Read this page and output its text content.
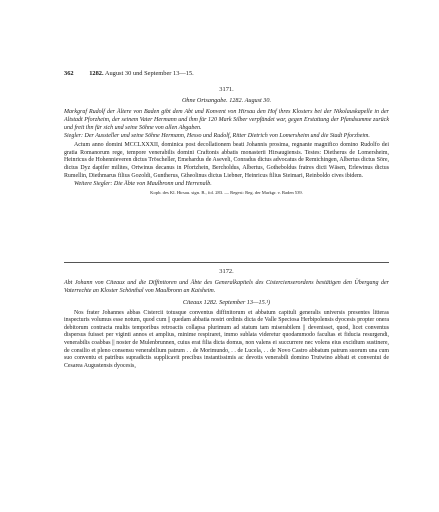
362 1282. August 30 und September 13—15.
3171.
Ohne Ortsangabe. 1282. August 30.
Markgraf Rudolf der Ältere von Baden gibt dem Abt und Konvent von Hirsau den Hof ihres Klosters bei der Nikolauskapelle in der Altstadt Pforzheim, der seinem Vater Hermann und ihm für 120 Mark Silber verpfändet war, gegen Erstattung der Pfandsumme zurück und freit ihn für sich und seine Söhne von allen Abgaben.
Siegler: Der Aussteller und seine Söhne Hermann, Hesso und Rudolf, Ritter Dietrich von Lomersheim und die Stadt Pforzheim.

Actum anno domini MCCLXXXII, dominica post decollationem beati Johannis prosima, regnante magnifico domino Rudolfo dei gratia Romanorum rege, tempore venerabilis domini Craftonis abbatis monasterii Hirsaugiensis. Testes: Dietherus de Lomersheim, Heinricus de Hohennieveren dictus Tröscheller, Emehardus de Aseveli, Conradus dictus advocatus de Remichingen, Albertus dictus Söre, dictus Dyz dapifer milites, Ortwinus decanus in Pfortzhein, Bercholdus, Albertus, Gotheboldus fratres dicti Wäsen, Erlewinus dictus Rumellin, Diethmarus filius Gozoldi, Guntherus, Gtheolinus dictus Liebner, Heinricus filius Steimari, Reinboldo cives ibidem.

Weitere Siegler: Die Äbte von Maulbronn und Herrenalb.
Kopb. des Kl. Hirsau. sign. B., fol. 283. — Regest: Reg. der Markgr. v. Baden 539.
3172.
Abt Johann von Citeaux und die Diffinitoren und Äbte des Generalkapitels des Cistercienserordens bestätigen den Übergang der Vaterrechte an Kloster Schönthal von Maulbronn an Kaisheim.
Citeaux 1282. September 13—15.¹)

Nos frater Johannes abbas Cistercii totusque conventus diffinitorum et abbatum capituli generalis universis presentes litteras inspecturis volumus esse notum, quod cum || quedam abbatia nostri ordinis dicta de Valle Speciosa Herbipolensis dyocesis propter onera debitorum contracta multis temporibus retroactis collapsa plurimum ad statum tam miserabilem || devenisset, quod, licet conventus dispersus fuisset per viginti annos et amplius, minime respiraret, immo sublata videretur quodammodo facultas et fiducia resurgendi, venerabilis coabbas || noster de Mulenbrunnen, cuius erat filia dicta domus, non valens ei succurrere nec volens eius excidium sustinere, de consilio et pleno consensu venerabilium patrum . . de Morimundo, . . de Lucela, . . de Novo Castro abbatum patrum suorum una cum suo conventu et patribus supradictis supplicavit precibus instantissimis ac devotis venerabili domino Trutwino abbati et conventui de Cesarea Augustensis dyocesis,
